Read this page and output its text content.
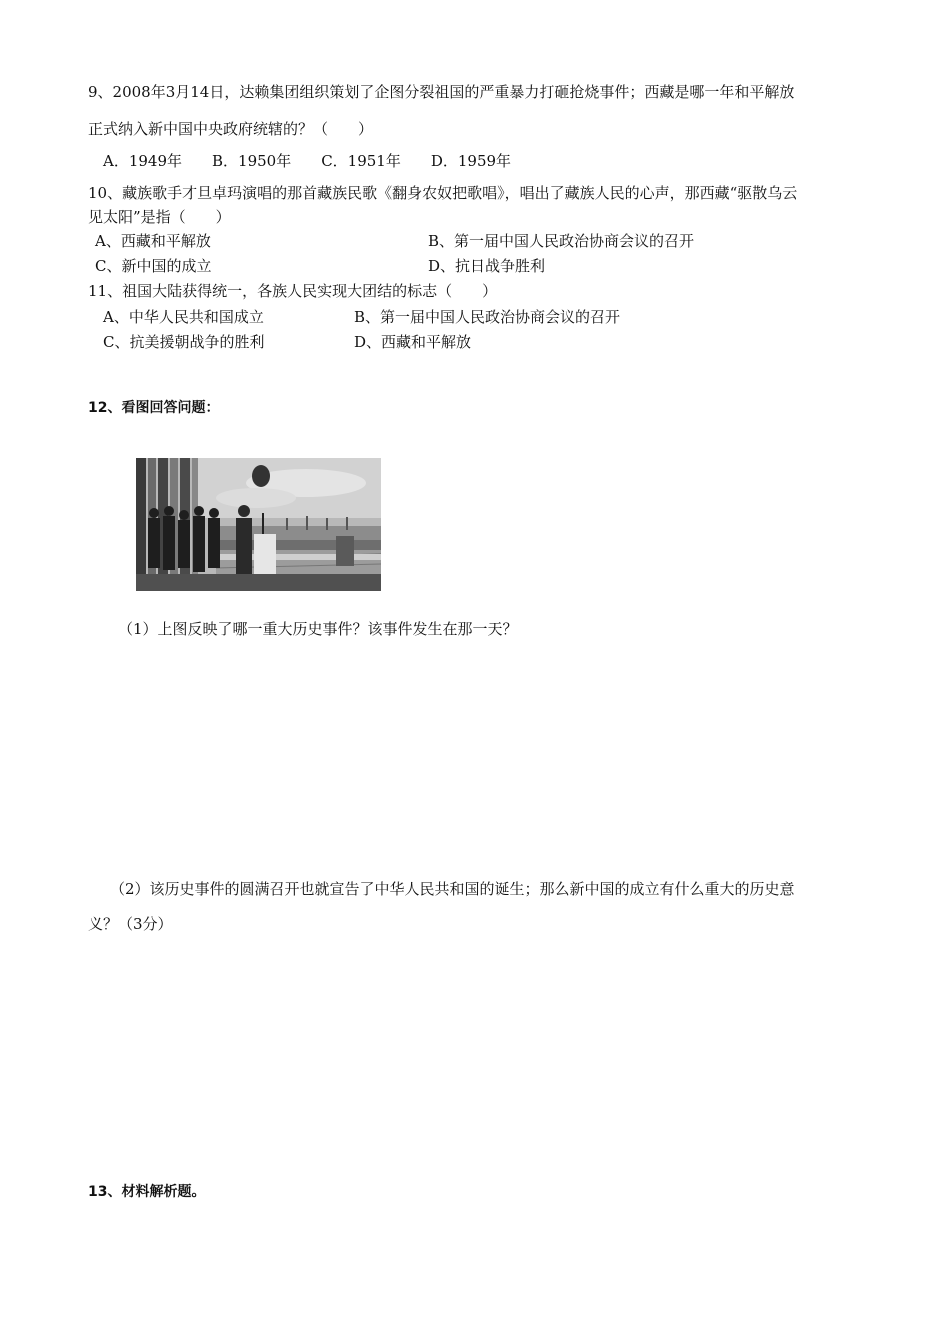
9、2008年3月14日，达赖集团组织策划了企图分裂祖国的严重暴力打砸抢烧事件；西藏是哪一年和平解放
正式纳入新中国中央政府统辖的？（　　）
A．1949年　　B．1950年　　C．1951年　　D．1959年
10、藏族歌手才旦卓玛演唱的那首藏族民歌《翻身农奴把歌唱》，唱出了藏族人民的心声，那西藏“驱散乌云
见太阳”是指（　　）
A、西藏和平解放	B、第一届中国人民政治协商会议的召开
C、新中国的成立	D、抗日战争胜利
11、祖国大陆获得统一，各族人民实现大团结的标志（　　）
A、中华人民共和国成立	B、第一届中国人民政治协商会议的召开
C、抗美援朝战争的胜利	D、西藏和平解放
12、看图回答问题：
（1）上图反映了哪一重大历史事件？该事件发生在那一天？
（2）该历史事件的圆满召开也就宣告了中华人民共和国的诞生；那么新中国的成立有什么重大的历史意
义？（3分）
13、材料解析题。
